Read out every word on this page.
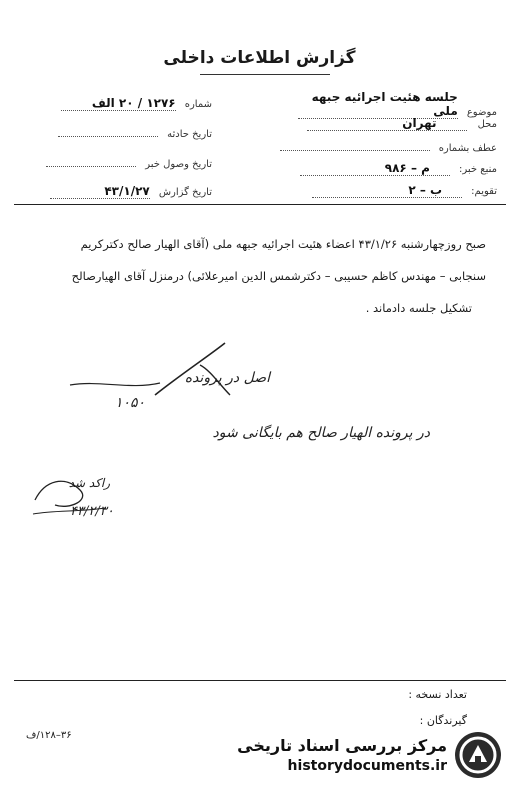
گزارش اطلاعات داخلی
موضوع جلسه هئیت اجرائیه جبهه ملی
محل تهران
عطف بشماره
منبع خبر: م – ۹۸۶
تقویم: ب – ۲
شماره ۱۲۷۶ / ۲۰ الف
تاریخ حادثه
تاریخ وصول خبر
تاریخ گزارش ۴۳/۱/۲۷
صبح روزچهارشنبه ۴۳/۱/۲۶ اعضاء هئیت اجرائیه جبهه ملی (آقای الهیار صالح دکترکریم
سنجابی – مهندس کاظم حسیبی – دکترشمس الدین امیرعلائی) درمنزل آقای الهیارصالح
تشکیل جلسه دادماند .
اصل در پرونده
۱۰۵۰
در پرونده الهیار صالح هم بایگانی شود
راکد شد
۴۳/۲/۳۰
تعداد نسخه :
گیرندگان :
۳۶–۱۲۸/ف
مرکز بررسی اسناد تاریخی
historydocuments.ir
